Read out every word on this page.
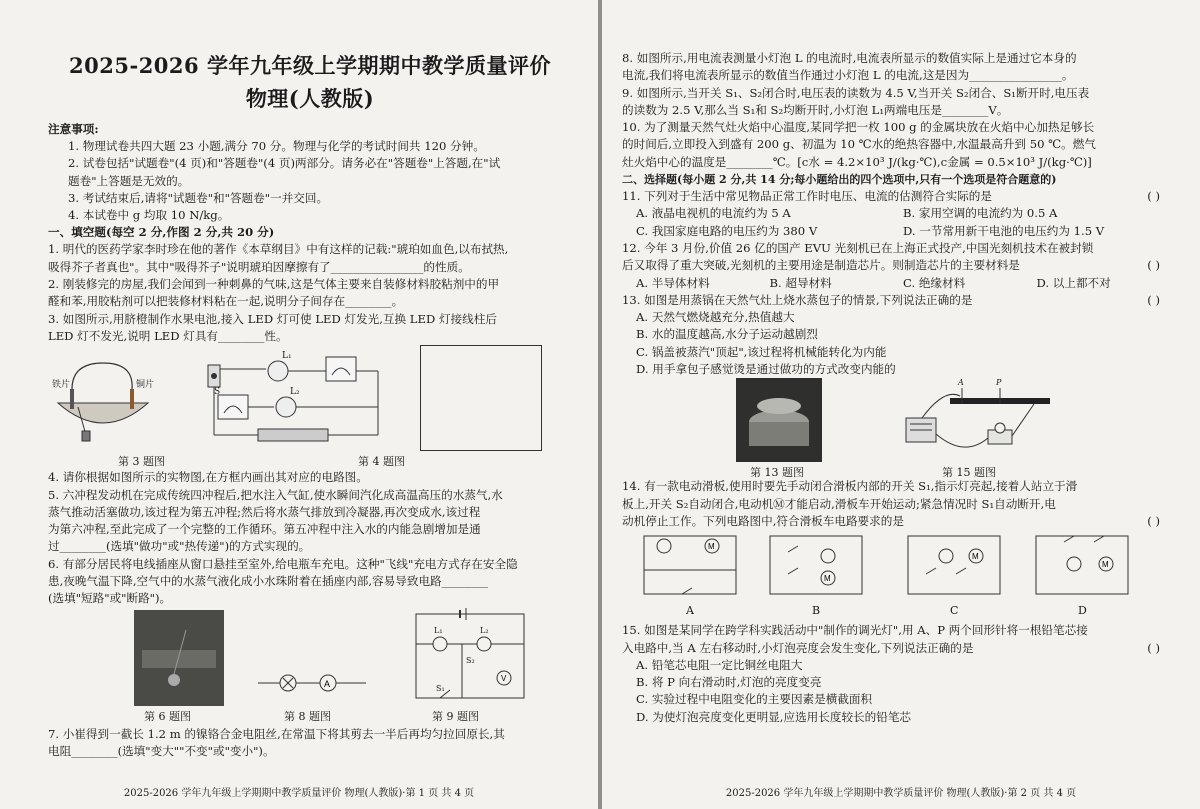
2025-2026 学年九年级上学期期中教学质量评价
物理(人教版)
注意事项:
1. 物理试卷共四大题 23 小题,满分 70 分。物理与化学的考试时间共 120 分钟。
2. 试卷包括"试题卷"(4 页)和"答题卷"(4 页)两部分。请务必在"答题卷"上答题,在"试
题卷"上答题是无效的。
3. 考试结束后,请将"试题卷"和"答题卷"一并交回。
4. 本试卷中 g 均取 10 N/kg。
一、填空题(每空 2 分,作图 2 分,共 20 分)
1. 明代的医药学家李时珍在他的著作《本草纲目》中有这样的记载:"琥珀如血色,以布拭热,
吸得芥子者真也"。其中"吸得芥子"说明琥珀因摩擦有了________________的性质。
2. 刚装修完的房屋,我们会闻到一种刺鼻的气味,这是气体主要来自装修材料胶粘剂中的甲
醛和苯,用胶粘剂可以把装修材料粘在一起,说明分子间存在________。
3. 如图所示,用脐橙制作水果电池,接入 LED 灯可使 LED 灯发光,互换 LED 灯接线柱后
LED 灯不发光,说明 LED 灯具有________性。
铁片	铜片
S
L₁
L₂
第 3 题图	第 4 题图
4. 请你根据如图所示的实物图,在方框内画出其对应的电路图。
5. 六冲程发动机在完成传统四冲程后,把水注入气缸,使水瞬间汽化成高温高压的水蒸气,水
蒸气推动活塞做功,该过程为第五冲程;然后将水蒸气排放到冷凝器,再次变成水,该过程
为第六冲程,至此完成了一个完整的工作循环。第五冲程中注入水的内能急剧增加是通
过________(选填"做功"或"热传递")的方式实现的。
6. 有部分居民将电线插座从窗口悬挂至室外,给电瓶车充电。这种"飞线"充电方式存在安全隐
患,夜晚气温下降,空气中的水蒸气液化成小水珠附着在插座内部,容易导致电路________
(选填"短路"或"断路")。
A
V
L₁	L₂
S₁
S₂
第 6 题图	第 8 题图	第 9 题图
7. 小崔得到一截长 1.2 m 的镍铬合金电阻丝,在常温下将其剪去一半后再均匀拉回原长,其
电阻________(选填"变大""不变"或"变小")。
2025-2026 学年九年级上学期期中教学质量评价 物理(人教版)·第 1 页 共 4 页
8. 如图所示,用电流表测量小灯泡 L 的电流时,电流表所显示的数值实际上是通过它本身的
电流,我们将电流表所显示的数值当作通过小灯泡 L 的电流,这是因为________________。
9. 如图所示,当开关 S₁、S₂闭合时,电压表的读数为 4.5 V,当开关 S₂闭合、S₁断开时,电压表
的读数为 2.5 V,那么当 S₁和 S₂均断开时,小灯泡 L₁两端电压是________V。
10. 为了测量天然气灶火焰中心温度,某同学把一枚 100 g 的金属块放在火焰中心加热足够长
的时间后,立即投入到盛有 200 g、初温为 10 ℃水的绝热容器中,水温最高升到 50 ℃。燃气
灶火焰中心的温度是________℃。[c水 = 4.2×10³ J/(kg·℃),c金属 = 0.5×10³ J/(kg·℃)]
二、选择题(每小题 2 分,共 14 分;每小题给出的四个选项中,只有一个选项是符合题意的)
11. 下列对于生活中常见物品正常工作时电压、电流的估测符合实际的是	( )
A. 液晶电视机的电流约为 5 A	B. 家用空调的电流约为 0.5 A
C. 我国家庭电路的电压约为 380 V	D. 一节常用新干电池的电压约为 1.5 V
12. 今年 3 月份,价值 26 亿的国产 EVU 光刻机已在上海正式投产,中国光刻机技术在被封锁
后又取得了重大突破,光刻机的主要用途是制造芯片。则制造芯片的主要材料是	( )
A. 半导体材料	B. 超导材料	C. 绝缘材料	D. 以上都不对
13. 如图是用蒸锅在天然气灶上烧水蒸包子的情景,下列说法正确的是	( )
A. 天然气燃烧越充分,热值越大
B. 水的温度越高,水分子运动越剧烈
C. 锅盖被蒸汽"顶起",该过程将机械能转化为内能
D. 用手拿包子感觉烫是通过做功的方式改变内能的
A	P
第 13 题图	第 15 题图
14. 有一款电动滑板,使用时要先手动闭合滑板内部的开关 S₁,指示灯亮起,接着人站立于滑
板上,开关 S₂自动闭合,电动机Ⓜ才能启动,滑板车开始运动;紧急情况时 S₁自动断开,电
动机停止工作。下列电路图中,符合滑板车电路要求的是	( )
M
M
M
M
A	B	C	D
15. 如图是某同学在跨学科实践活动中"制作的调光灯",用 A、P 两个回形针将一根铅笔芯接
入电路中,当 A 左右移动时,小灯泡亮度会发生变化,下列说法正确的是	( )
A. 铅笔芯电阻一定比铜丝电阻大
B. 将 P 向右滑动时,灯泡的亮度变亮
C. 实验过程中电阻变化的主要因素是横截面积
D. 为使灯泡亮度变化更明显,应选用长度较长的铅笔芯
2025-2026 学年九年级上学期期中教学质量评价 物理(人教版)·第 2 页 共 4 页
